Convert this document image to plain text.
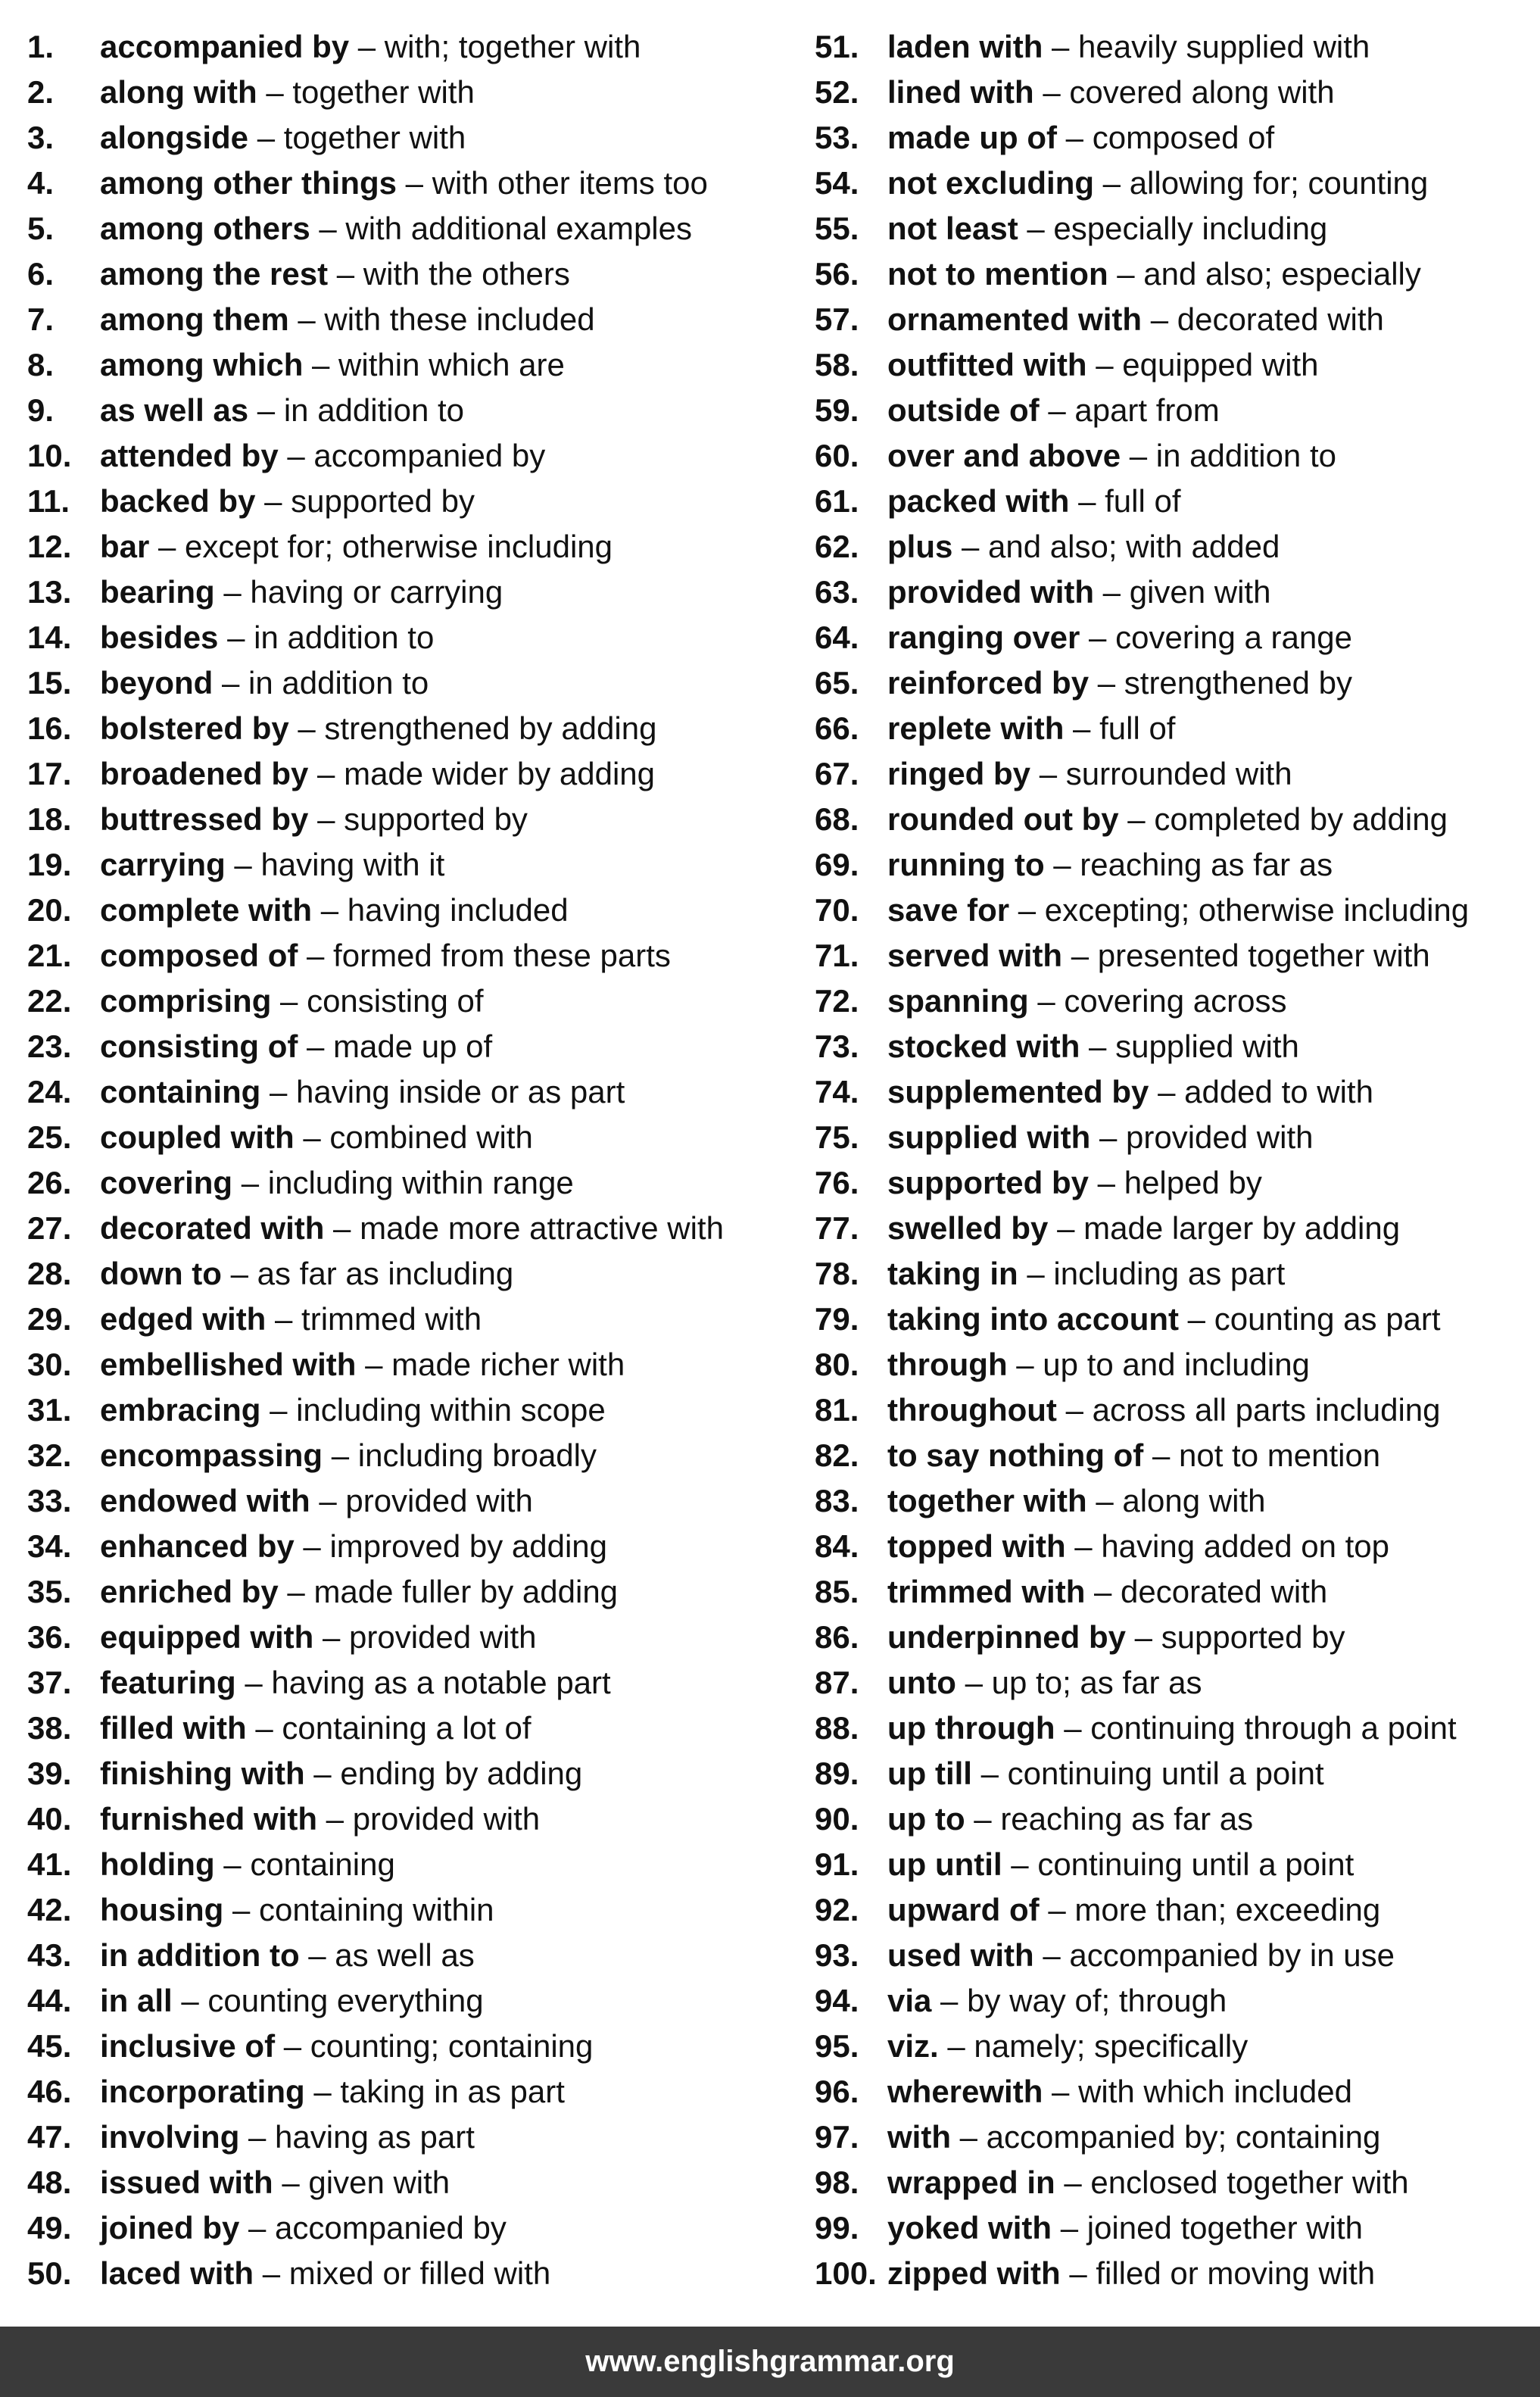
1. accompanied by – with; together with
2. along with – together with
3. alongside – together with
4. among other things – with other items too
5. among others – with additional examples
6. among the rest – with the others
7. among them – with these included
8. among which – within which are
9. as well as – in addition to
10. attended by – accompanied by
11. backed by – supported by
12. bar – except for; otherwise including
13. bearing – having or carrying
14. besides – in addition to
15. beyond – in addition to
16. bolstered by – strengthened by adding
17. broadened by – made wider by adding
18. buttressed by – supported by
19. carrying – having with it
20. complete with – having included
21. composed of – formed from these parts
22. comprising – consisting of
23. consisting of – made up of
24. containing – having inside or as part
25. coupled with – combined with
26. covering – including within range
27. decorated with – made more attractive with
28. down to – as far as including
29. edged with – trimmed with
30. embellished with – made richer with
31. embracing – including within scope
32. encompassing – including broadly
33. endowed with – provided with
34. enhanced by – improved by adding
35. enriched by – made fuller by adding
36. equipped with – provided with
37. featuring – having as a notable part
38. filled with – containing a lot of
39. finishing with – ending by adding
40. furnished with – provided with
41. holding – containing
42. housing – containing within
43. in addition to – as well as
44. in all – counting everything
45. inclusive of – counting; containing
46. incorporating – taking in as part
47. involving – having as part
48. issued with – given with
49. joined by – accompanied by
50. laced with – mixed or filled with
51. laden with – heavily supplied with
52. lined with – covered along with
53. made up of – composed of
54. not excluding – allowing for; counting
55. not least – especially including
56. not to mention – and also; especially
57. ornamented with – decorated with
58. outfitted with – equipped with
59. outside of – apart from
60. over and above – in addition to
61. packed with – full of
62. plus – and also; with added
63. provided with – given with
64. ranging over – covering a range
65. reinforced by – strengthened by
66. replete with – full of
67. ringed by – surrounded with
68. rounded out by – completed by adding
69. running to – reaching as far as
70. save for – excepting; otherwise including
71. served with – presented together with
72. spanning – covering across
73. stocked with – supplied with
74. supplemented by – added to with
75. supplied with – provided with
76. supported by – helped by
77. swelled by – made larger by adding
78. taking in – including as part
79. taking into account – counting as part
80. through – up to and including
81. throughout – across all parts including
82. to say nothing of – not to mention
83. together with – along with
84. topped with – having added on top
85. trimmed with – decorated with
86. underpinned by – supported by
87. unto – up to; as far as
88. up through – continuing through a point
89. up till – continuing until a point
90. up to – reaching as far as
91. up until – continuing until a point
92. upward of – more than; exceeding
93. used with – accompanied by in use
94. via – by way of; through
95. viz. – namely; specifically
96. wherewith – with which included
97. with – accompanied by; containing
98. wrapped in – enclosed together with
99. yoked with – joined together with
100. zipped with – filled or moving with
www.englishgrammar.org
